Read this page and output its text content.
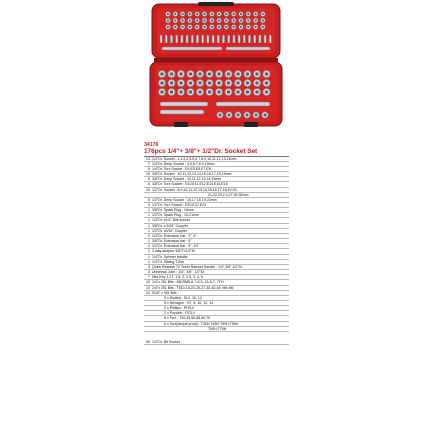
34176
176pcs 1/4"+ 3/8"+ 1/2"Dr. Socket Set
13	1/4"Dr. Socket : 4,4.5,5,5.5,6,7,8,9,10,11,12,13,14mm
7	1/4"Dr. Deep Socket : 4,5,6,7,8,9,10mm
5	1/4"Dr. Torx Socket : E4,E5,E6,E7,E8
10	3/8"Dr. Socket : 10,11,12,13,14,15,16,17,18,19mm
6	3/8"Dr. Deep Socket : 10,11,12,13,14,15mm
6	3/8"Dr. Torx Socket : E10,E11,E12,E14,E16,E18
20	1/2"Dr. Socket : 8,9,10,11,12,13,14,15,16,17,18,19,20,
	21,22,23,2,4,27,30,32mm
5	1/2"Dr. Deep Socket : 16,17,18,19,22mm
3	1/2"Dr. Torx Socket : E20,E22,E24
1	3/8"Dr. Spark Plug : 16mm
1	1/2"Dr. Spark Plug : 19-21mm
1	1/4"Dr. x1/4" Bits socket
1	3/8"Dr. x 5/16" Coupler
1	1/2"Dr. x5/16" Coupler
2	1/4"Dr. Extension bar : 2", 4"
1	3/8"Dr. Extension bar : 5"
2	1/2"Dr. Extension bar : 5", 10"
1	3 way adaptor 3/8"F×1/2"M
1	1/4"Dr. Spinner handle
1	1/4"Dr. Sliding T-Bar
3	Quick Release 72 Teeth Ratchet Handle : 1/4",3/8",1/2"Dr.
3	Universal Joint : 1/4", 3/8", 1/2"Dr.
7	Hex Key 1.27, 1.5, 2, 2.5, 3, 4, 5
10	1/4"x 25L Bits : M6,RM5-6-7-8-9, 15-6-7, 7TH
10	1/4"x 25L Bits : T510-15-20-25-27-30-40-45, M5-M6
24	5/16" x 30L Bits :
	3 x Slotted : SL4, 10, 12
	5 x Hexagon : H7, 8, 10, 12, 14
	2 x Phillips : PH3,4
	2 x Pozidriv : PZ3,4
	6 x Torx : T40,45,50,55,60,70
	6 x Torx(tamperproof) : T40H,T45H,T50H,T55H
	T60H,T70H

30	1/4"Dr. Bit Socket
